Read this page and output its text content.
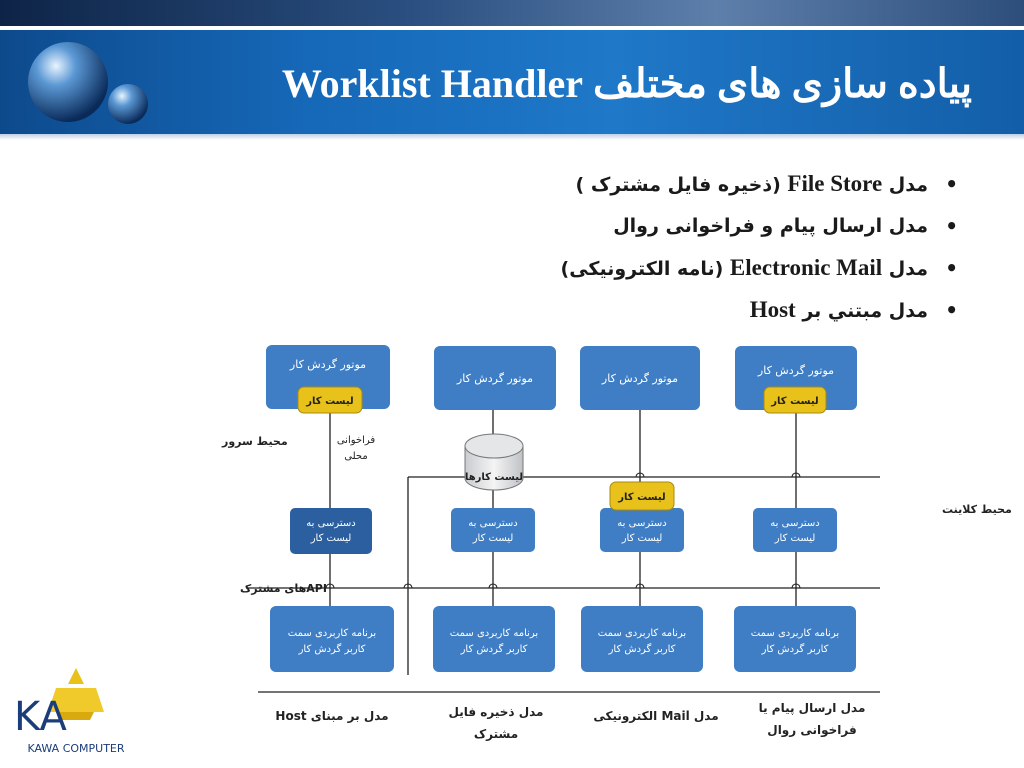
پیاده سازی های مختلف Worklist Handler
• مدل File Store (ذخیره فایل مشترک )
• مدل ارسال پیام و فراخوانی روال
• مدل Electronic Mail (نامه الکترونیکی)
• مدل مبتني بر Host
موتور گردش کار
لیست کار
دسترسی به
لیست کار
برنامه کاربردی سمت
کاربر گردش کار
موتور گردش کار
لیست کارها
دسترسی به
لیست کار
برنامه کاربردی سمت
کاربر گردش کار
موتور گردش کار
دسترسی به
لیست کار
لیست کار
برنامه کاربردی سمت
کاربر گردش کار
موتور گردش کار
لیست کار
دسترسی به
لیست کار
برنامه کاربردی سمت
کاربر گردش کار
محیط سرور
محیط کلاینت
APIهای مشترک
فراخوانی
محلی
مدل بر مبنای Host	مدل ذخیره فایل
مشترک
مدل Mail الکترونیکی
مدل ارسال پیام یا
فراخوانی روال
KA
KAWA COMPUTER
